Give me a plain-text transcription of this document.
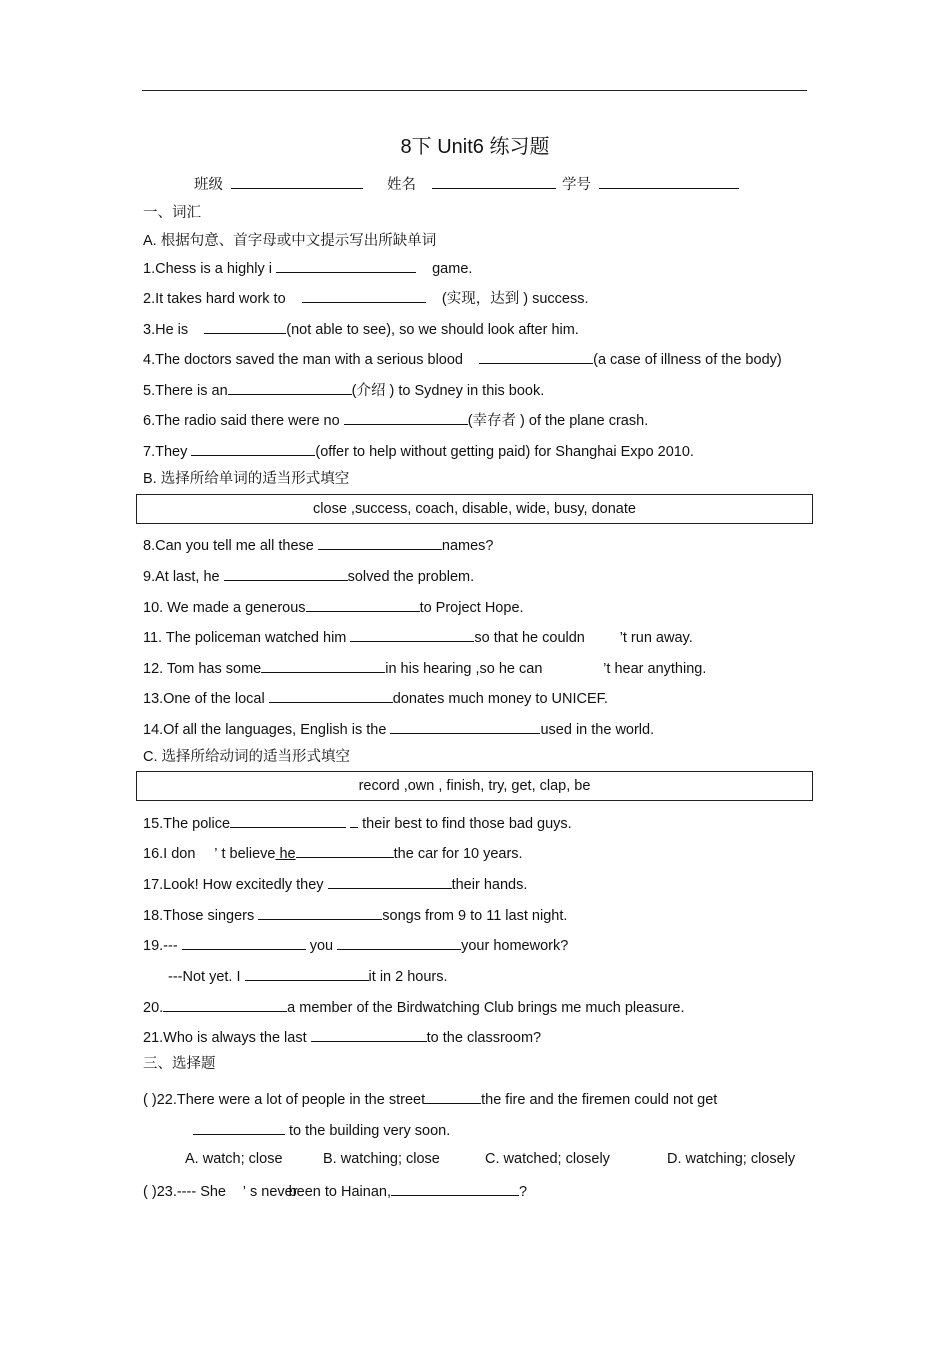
8下 Unit6 练习题
班级	姓名	学号
一、词汇
A. 根据句意、首字母或中文提示写出所缺单词
1.Chess is a highly i	game.
2.It takes hard work to	(实现，达到 ) success.
3.He is	(not able to see), so we should look after him.
4.The doctors saved the man with a serious blood	(a case of illness of the body)
5.There is an	(介绍 ) to Sydney in this book.
6.The radio said there were no	(幸存者 ) of the plane crash.
7.They	(offer to help without getting paid) for Shanghai Expo 2010.
B. 选择所给单词的适当形式填空
close ,success, coach, disable, wide, busy, donate
8.Can you tell me all these	names?
9.At last, he	solved the problem.
10. We made a generous	to Project Hope.
11. The policeman watched him	so that he couldn ’t run away.
12. Tom has some	in his hearing ,so he can	’t hear anything.
13.One of the local	donates much money to UNICEF.
14.Of all the languages, English is the	used in the world.
C. 选择所给动词的适当形式填空
record ,own , finish, try, get, clap, be
15.The police	their best to find those bad guys.
16.I don ’ t believe he	the car for 10 years.
17.Look! How excitedly they	their hands.
18.Those singers	songs from 9 to 11 last night.
19.---	you	your homework?
---Not yet. I	it in 2 hours.
20.	a member of the Birdwatching Club brings me much pleasure.
21.Who is always the last	to the classroom?
三、选择题
( )22.There were a lot of people in the street	the fire and the firemen could not get
to the building very soon.
A. watch; close	B. watching; close	C. watched; closely	D. watching; closely
( )23.---- She ’ s neverbeen to Hainan,	?
